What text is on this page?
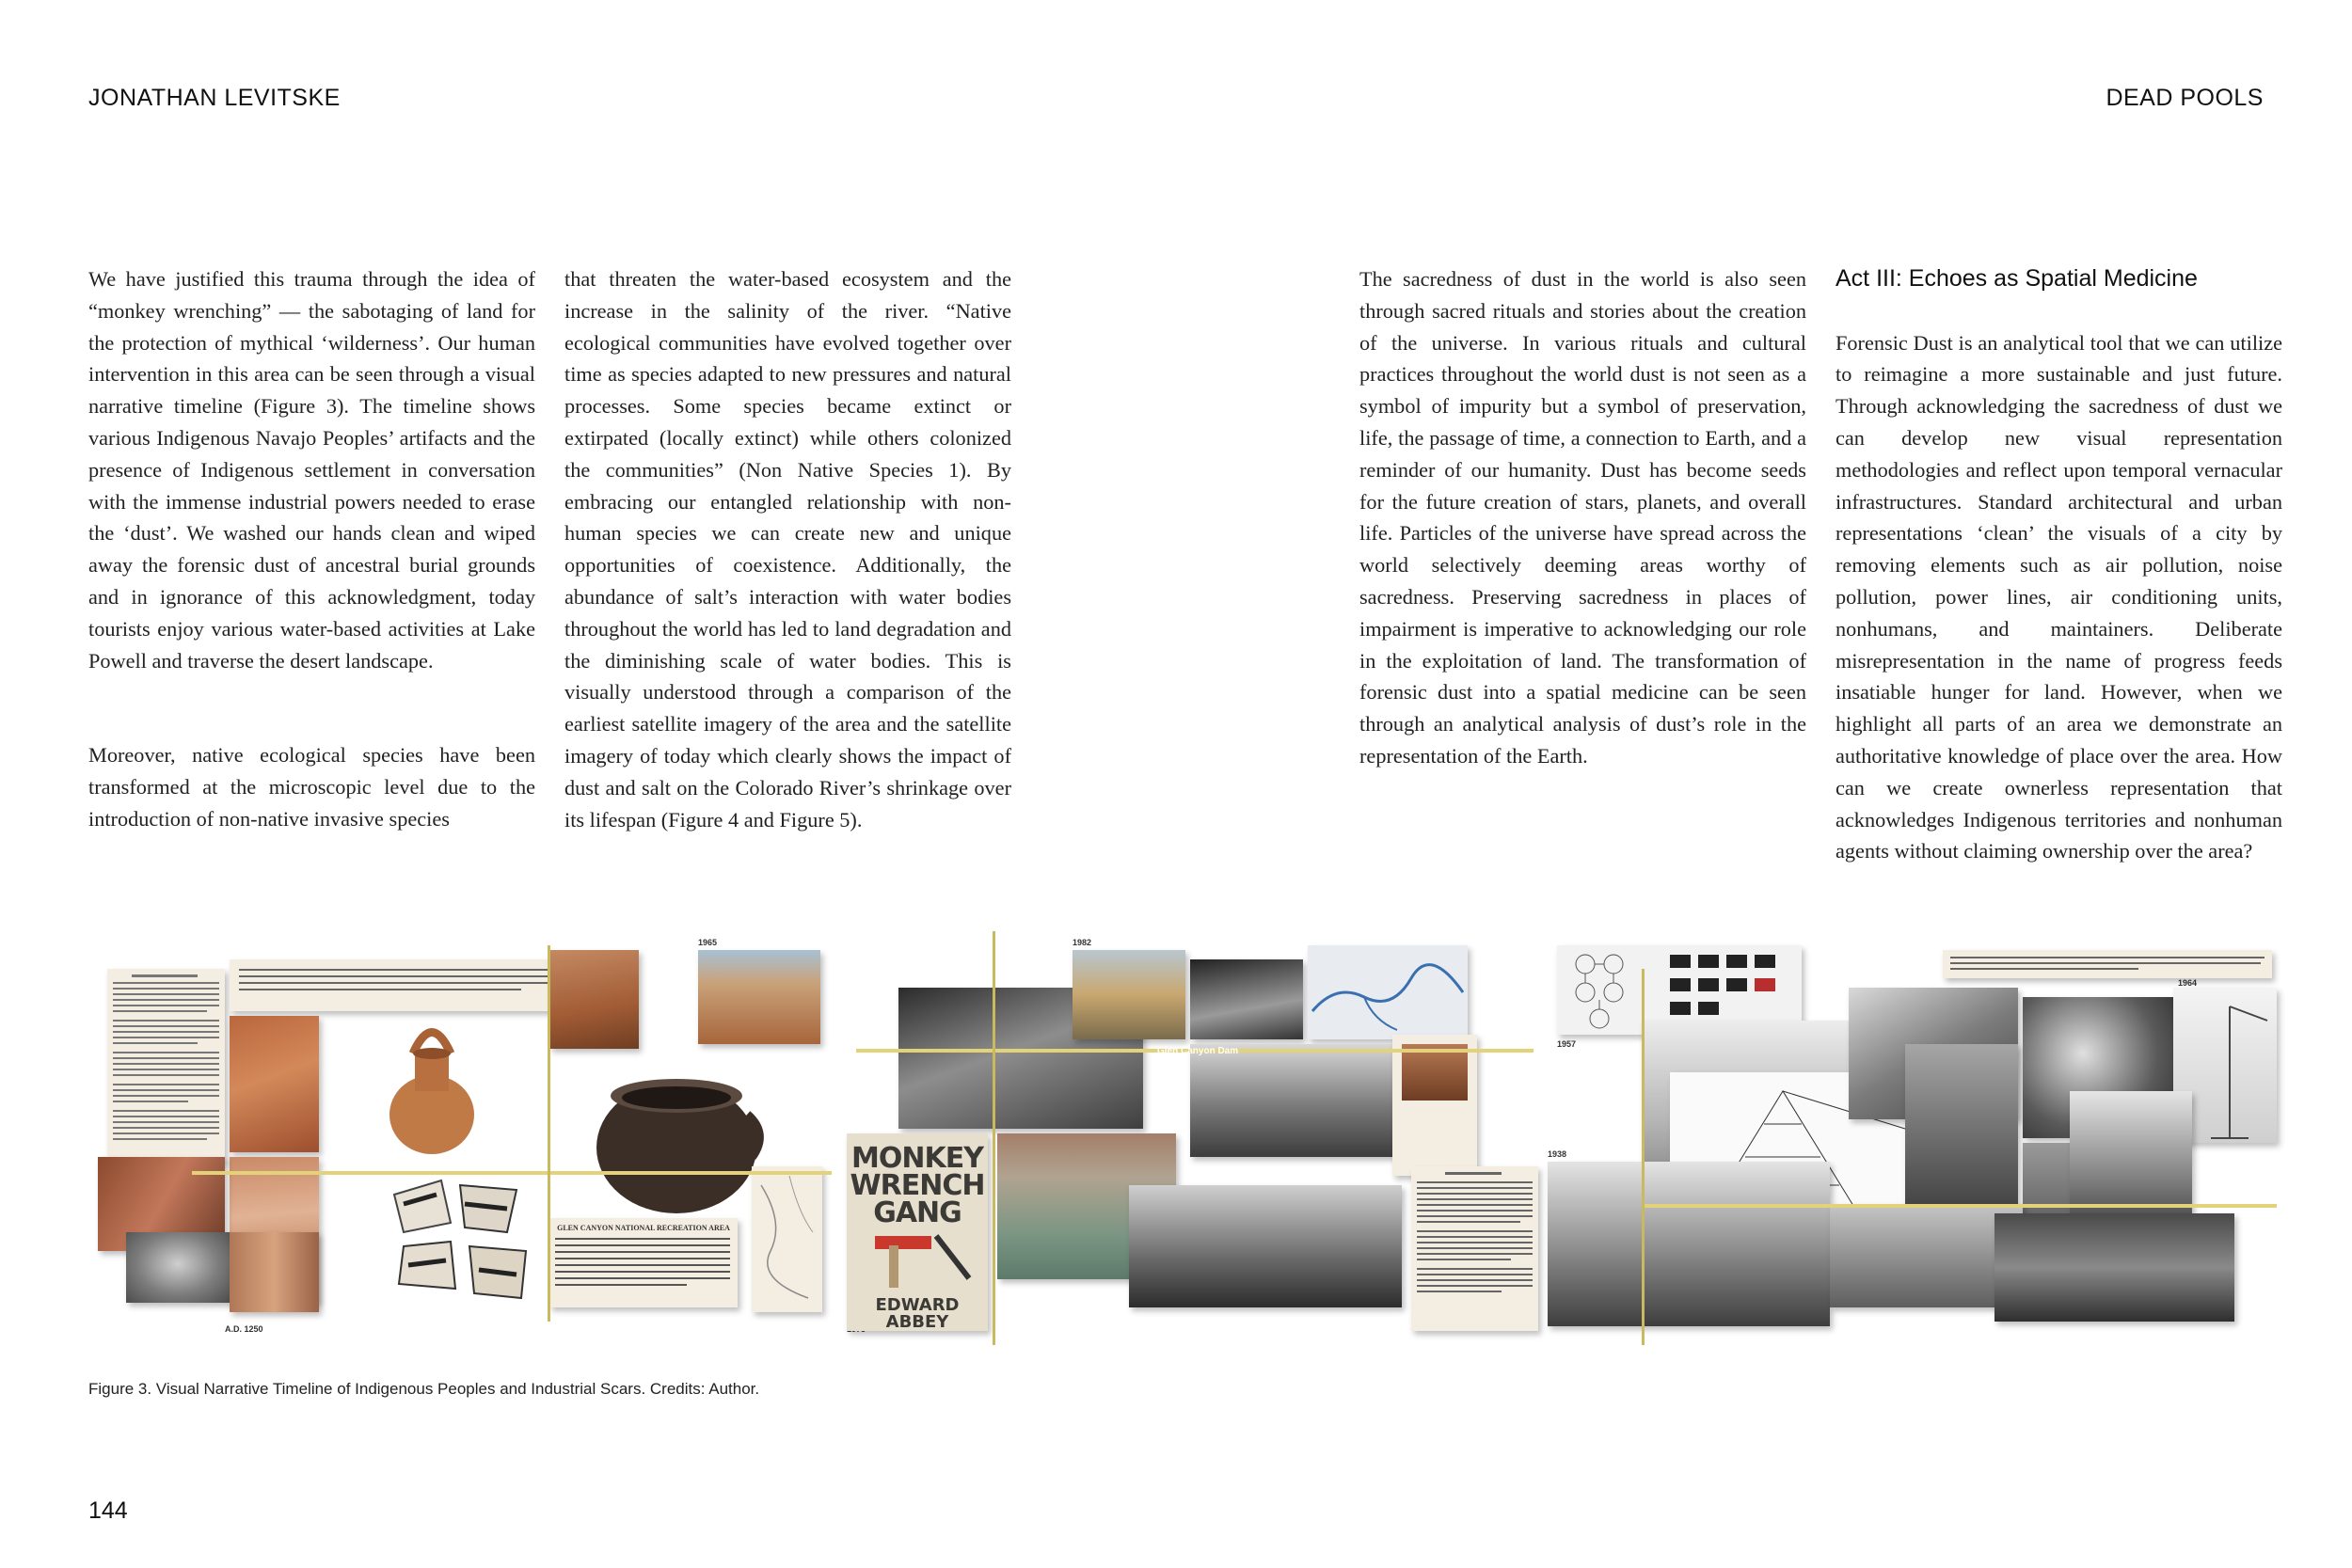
JONATHAN LEVITSKE	DEAD POOLS

We have justified this trauma through the idea of “monkey wrenching” — the sabotaging of land for the protection of mythical ‘wilderness’. Our human intervention in this area can be seen through a visual narrative timeline (Figure 3). The timeline shows various Indigenous Navajo Peoples’ artifacts and the presence of Indigenous settlement in conversation with the immense industrial powers needed to erase the ‘dust’. We washed our hands clean and wiped away the forensic dust of ancestral burial grounds and in ignorance of this acknowledgment, today tourists enjoy various water-based activities at Lake Powell and traverse the desert landscape.

Moreover, native ecological species have been transformed at the microscopic level due to the introduction of non-native invasive species

that threaten the water-based ecosystem and the increase in the salinity of the river. “Native ecological communities have evolved together over time as species adapted to new pressures and natural processes. Some species became extinct or extirpated (locally extinct) while others colonized the communities” (Non Native Species 1). By embracing our entangled relationship with non-human species we can create new and unique opportunities of coexistence. Additionally, the abundance of salt’s interaction with water bodies throughout the world has led to land degradation and the diminishing scale of water bodies. This is visually understood through a comparison of the earliest satellite imagery of the area and the satellite imagery of today which clearly shows the impact of dust and salt on the Colorado River’s shrinkage over its lifespan (Figure 4 and Figure 5).

The sacredness of dust in the world is also seen through sacred rituals and stories about the creation of the universe. In various rituals and cultural practices throughout the world dust is not seen as a symbol of impurity but a symbol of preservation, life, the passage of time, a connection to Earth, and a reminder of our humanity. Dust has become seeds for the future creation of stars, planets, and overall life. Particles of the universe have spread across the world selectively deeming areas worthy of sacredness. Preserving sacredness in places of impairment is imperative to acknowledging our role in the exploitation of land. The transformation of forensic dust into a spatial medicine can be seen through an analytical analysis of dust’s role in the representation of the Earth.

Act III: Echoes as Spatial Medicine

Forensic Dust is an analytical tool that we can utilize to reimagine a more sustainable and just future. Through acknowledging the sacredness of dust we can develop new visual representation methodologies and reflect upon temporal vernacular infrastructures. Standard architectural and urban representations ‘clean’ the visuals of a city by removing elements such as air pollution, noise pollution, power lines, air conditioning units, nonhumans, and maintainers. Deliberate misrepresentation in the name of progress feeds insatiable hunger for land. However, when we highlight all parts of an area we demonstrate an authoritative knowledge of place over the area. How can we create ownerless representation that acknowledges Indigenous territories and nonhuman agents without claiming ownership over the area?

1965
GLEN CANYON NATIONAL RECREATION AREA
A.D. 1250
1982
MONKEY WRENCH GANG
EDWARD ABBEY
Glen Canyon Dam
1957
1964
1938
Figure 3. Visual Narrative Timeline of Indigenous Peoples and Industrial Scars. Credits: Author.
144
